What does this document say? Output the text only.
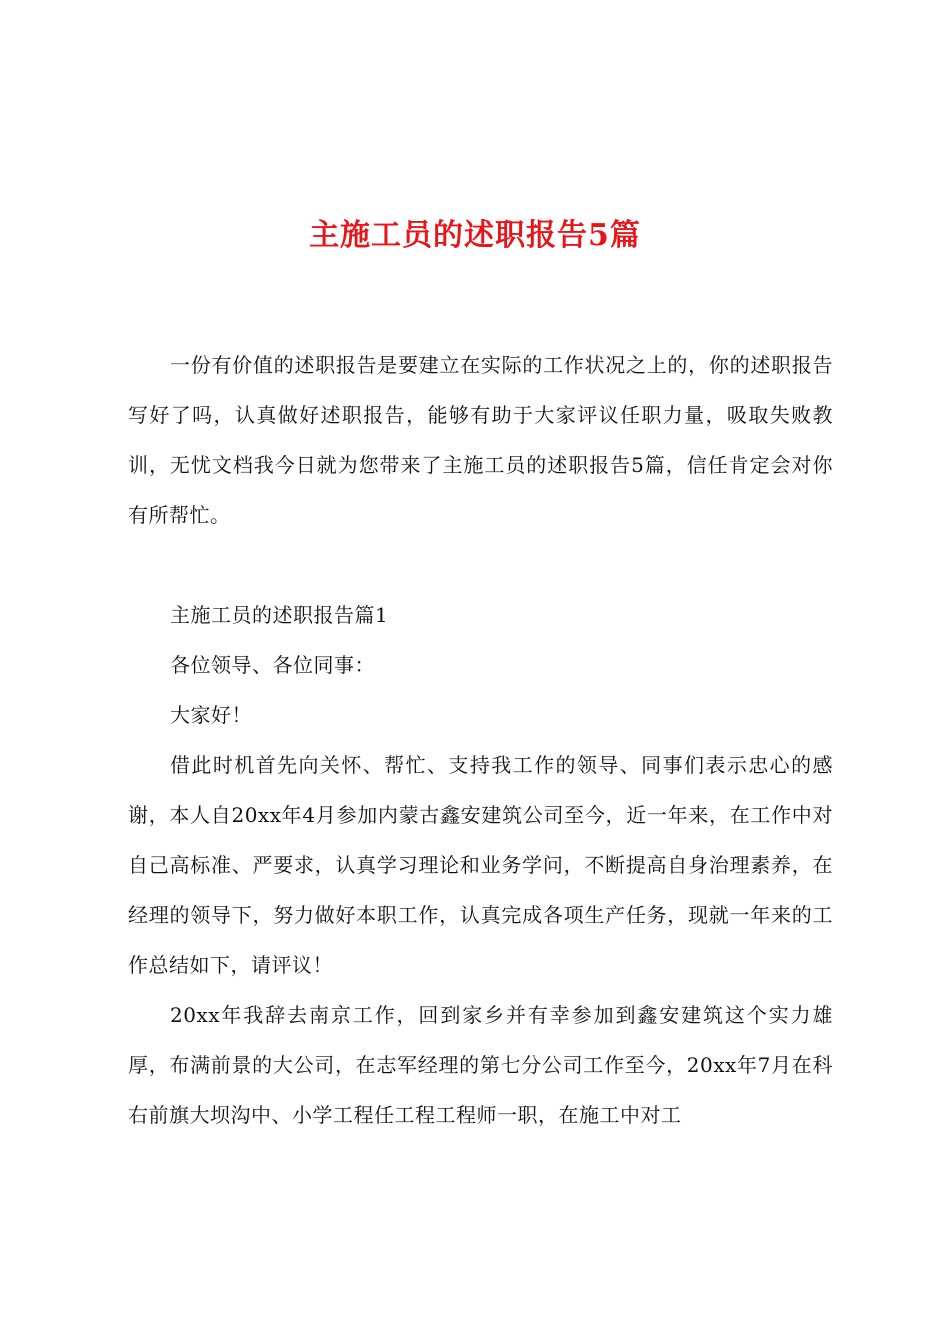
主施工员的述职报告5篇
一份有价值的述职报告是要建立在实际的工作状况之上的，你的述职报告写好了吗，认真做好述职报告，能够有助于大家评议任职力量，吸取失败教训，无忧文档我今日就为您带来了主施工员的述职报告5篇，信任肯定会对你有所帮忙。
主施工员的述职报告篇1
各位领导、各位同事：
大家好！
借此时机首先向关怀、帮忙、支持我工作的领导、同事们表示忠心的感谢，本人自20xx年4月参加内蒙古鑫安建筑公司至今，近一年来，在工作中对自己高标准、严要求，认真学习理论和业务学问，不断提高自身治理素养，在经理的领导下，努力做好本职工作，认真完成各项生产任务，现就一年来的工作总结如下，请评议！
20xx年我辞去南京工作，回到家乡并有幸参加到鑫安建筑这个实力雄厚，布满前景的大公司，在志军经理的第七分公司工作至今，20xx年7月在科右前旗大坝沟中、小学工程任工程工程师一职，在施工中对工
